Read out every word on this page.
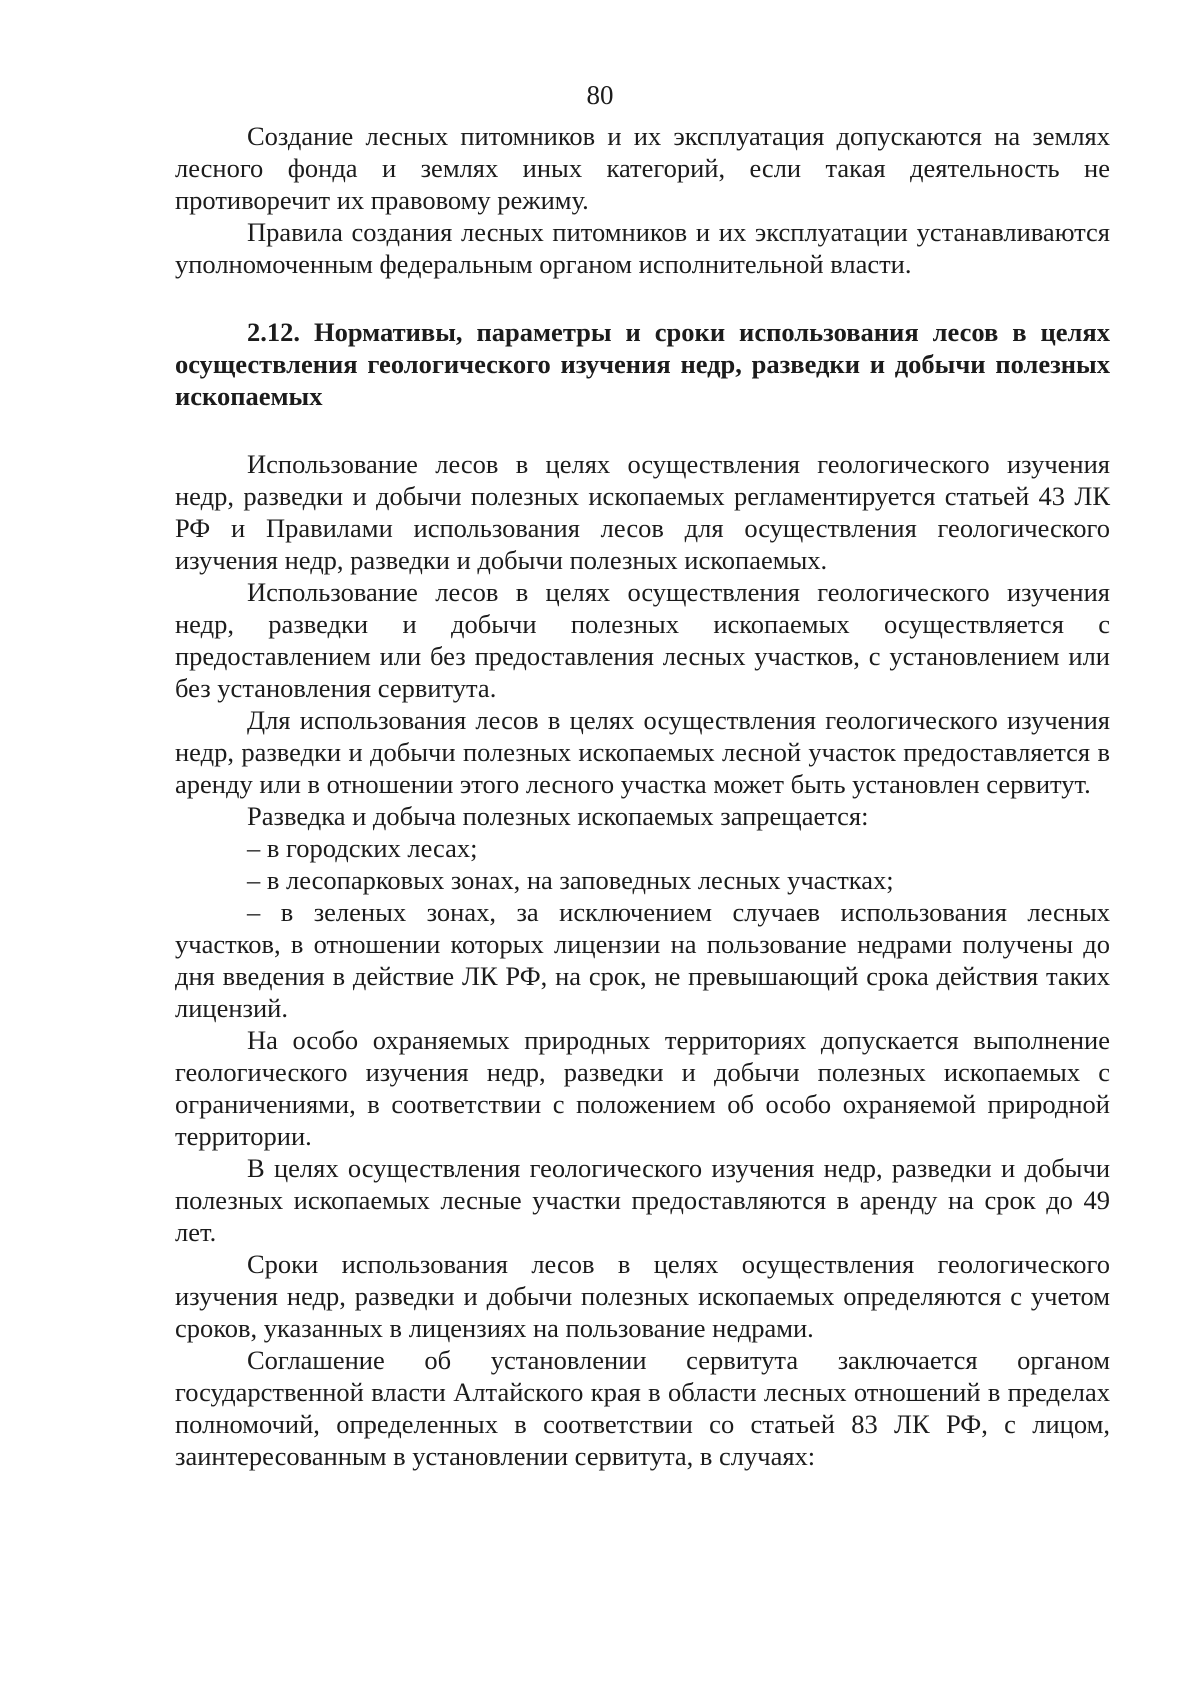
80

Создание лесных питомников и их эксплуатация допускаются на землях лесного фонда и землях иных категорий, если такая деятельность не противоречит их правовому режиму.

Правила создания лесных питомников и их эксплуатации устанавливаются уполномоченным федеральным органом исполнительной власти.

2.12. Нормативы, параметры и сроки использования лесов в целях осуществления геологического изучения недр, разведки и добычи полезных ископаемых

Использование лесов в целях осуществления геологического изучения недр, разведки и добычи полезных ископаемых регламентируется статьей 43 ЛК РФ и Правилами использования лесов для осуществления геологического изучения недр, разведки и добычи полезных ископаемых.

Использование лесов в целях осуществления геологического изучения недр, разведки и добычи полезных ископаемых осуществляется с предоставлением или без предоставления лесных участков, с установлением или без установления сервитута.

Для использования лесов в целях осуществления геологического изучения недр, разведки и добычи полезных ископаемых лесной участок предоставляется в аренду или в отношении этого лесного участка может быть установлен сервитут.

Разведка и добыча полезных ископаемых запрещается:

– в городских лесах;

– в лесопарковых зонах, на заповедных лесных участках;

– в зеленых зонах, за исключением случаев использования лесных участков, в отношении которых лицензии на пользование недрами получены до дня введения в действие ЛК РФ, на срок, не превышающий срока действия таких лицензий.

На особо охраняемых природных территориях допускается выполнение геологического изучения недр, разведки и добычи полезных ископаемых с ограничениями, в соответствии с положением об особо охраняемой природной территории.

В целях осуществления геологического изучения недр, разведки и добычи полезных ископаемых лесные участки предоставляются в аренду на срок до 49 лет.

Сроки использования лесов в целях осуществления геологического изучения недр, разведки и добычи полезных ископаемых определяются с учетом сроков, указанных в лицензиях на пользование недрами.

Соглашение об установлении сервитута заключается органом государственной власти Алтайского края в области лесных отношений в пределах полномочий, определенных в соответствии со статьей 83 ЛК РФ, с лицом, заинтересованным в установлении сервитута, в случаях:
